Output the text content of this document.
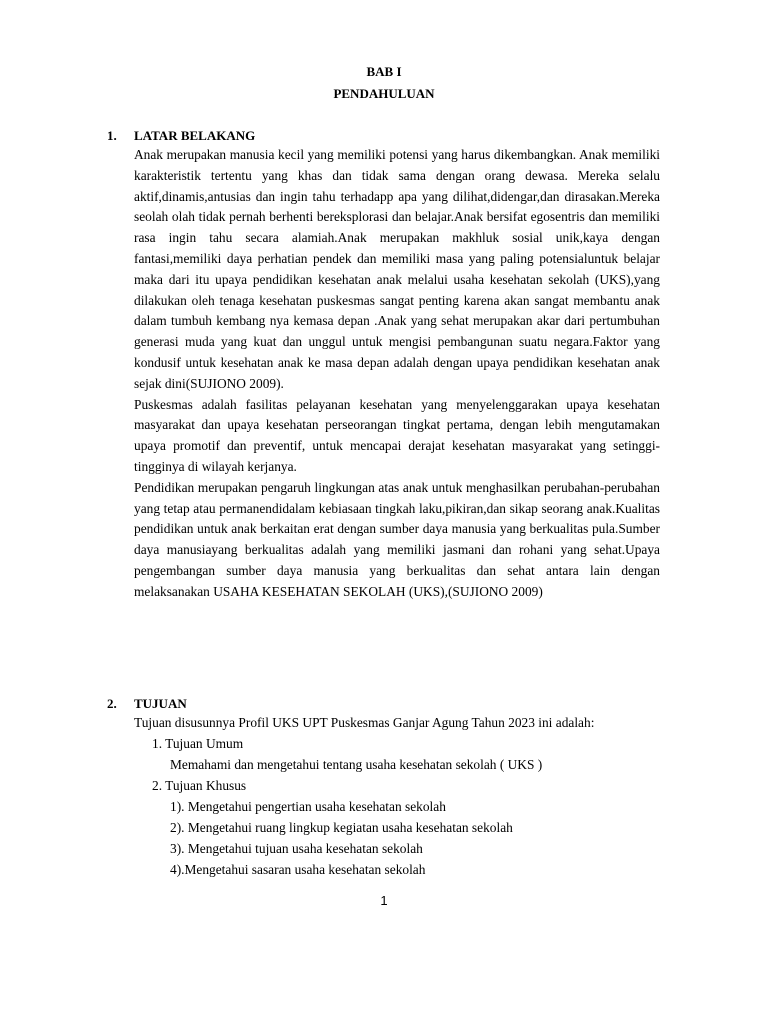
BAB I
PENDAHULUAN
1. LATAR BELAKANG

Anak merupakan manusia kecil yang memiliki potensi yang harus dikembangkan. Anak memiliki karakteristik tertentu yang khas dan tidak sama dengan orang dewasa. Mereka selalu aktif,dinamis,antusias dan ingin tahu terhadapp apa yang dilihat,didengar,dan dirasakan.Mereka seolah olah tidak pernah berhenti bereksplorasi dan belajar.Anak bersifat egosentris dan memiliki rasa ingin tahu secara alamiah.Anak merupakan makhluk sosial unik,kaya dengan fantasi,memiliki daya perhatian pendek dan memiliki masa yang paling potensialuntuk belajar maka dari itu upaya pendidikan kesehatan anak melalui usaha kesehatan sekolah (UKS),yang dilakukan oleh tenaga kesehatan puskesmas sangat penting karena akan sangat membantu anak dalam tumbuh kembang nya kemasa depan .Anak yang sehat merupakan akar dari pertumbuhan generasi muda yang kuat dan unggul untuk mengisi pembangunan suatu negara.Faktor yang kondusif untuk kesehatan anak ke masa depan adalah dengan upaya pendidikan kesehatan anak sejak dini(SUJIONO 2009).

Puskesmas adalah fasilitas pelayanan kesehatan yang menyelenggarakan upaya kesehatan masyarakat dan upaya kesehatan perseorangan tingkat pertama, dengan lebih mengutamakan upaya promotif dan preventif, untuk mencapai derajat kesehatan masyarakat yang setinggi-tingginya di wilayah kerjanya.

Pendidikan merupakan pengaruh lingkungan atas anak untuk menghasilkan perubahan-perubahan yang tetap atau permanendidalam kebiasaan tingkah laku,pikiran,dan sikap seorang anak.Kualitas pendidikan untuk anak berkaitan erat dengan sumber daya manusia yang berkualitas pula.Sumber daya manusiayang berkualitas adalah yang memiliki jasmani dan rohani yang sehat.Upaya pengembangan sumber daya manusia yang berkualitas dan sehat antara lain dengan melaksanakan USAHA KESEHATAN SEKOLAH (UKS),(SUJIONO 2009)

2. TUJUAN
Tujuan disusunnya Profil UKS UPT Puskesmas Ganjar Agung Tahun 2023 ini adalah:
1. Tujuan Umum
Memahami dan mengetahui tentang usaha kesehatan sekolah ( UKS )
2. Tujuan Khusus
1). Mengetahui pengertian usaha kesehatan sekolah
2). Mengetahui ruang lingkup kegiatan usaha kesehatan sekolah
3). Mengetahui tujuan usaha kesehatan sekolah
4).Mengetahui sasaran usaha kesehatan sekolah
1
